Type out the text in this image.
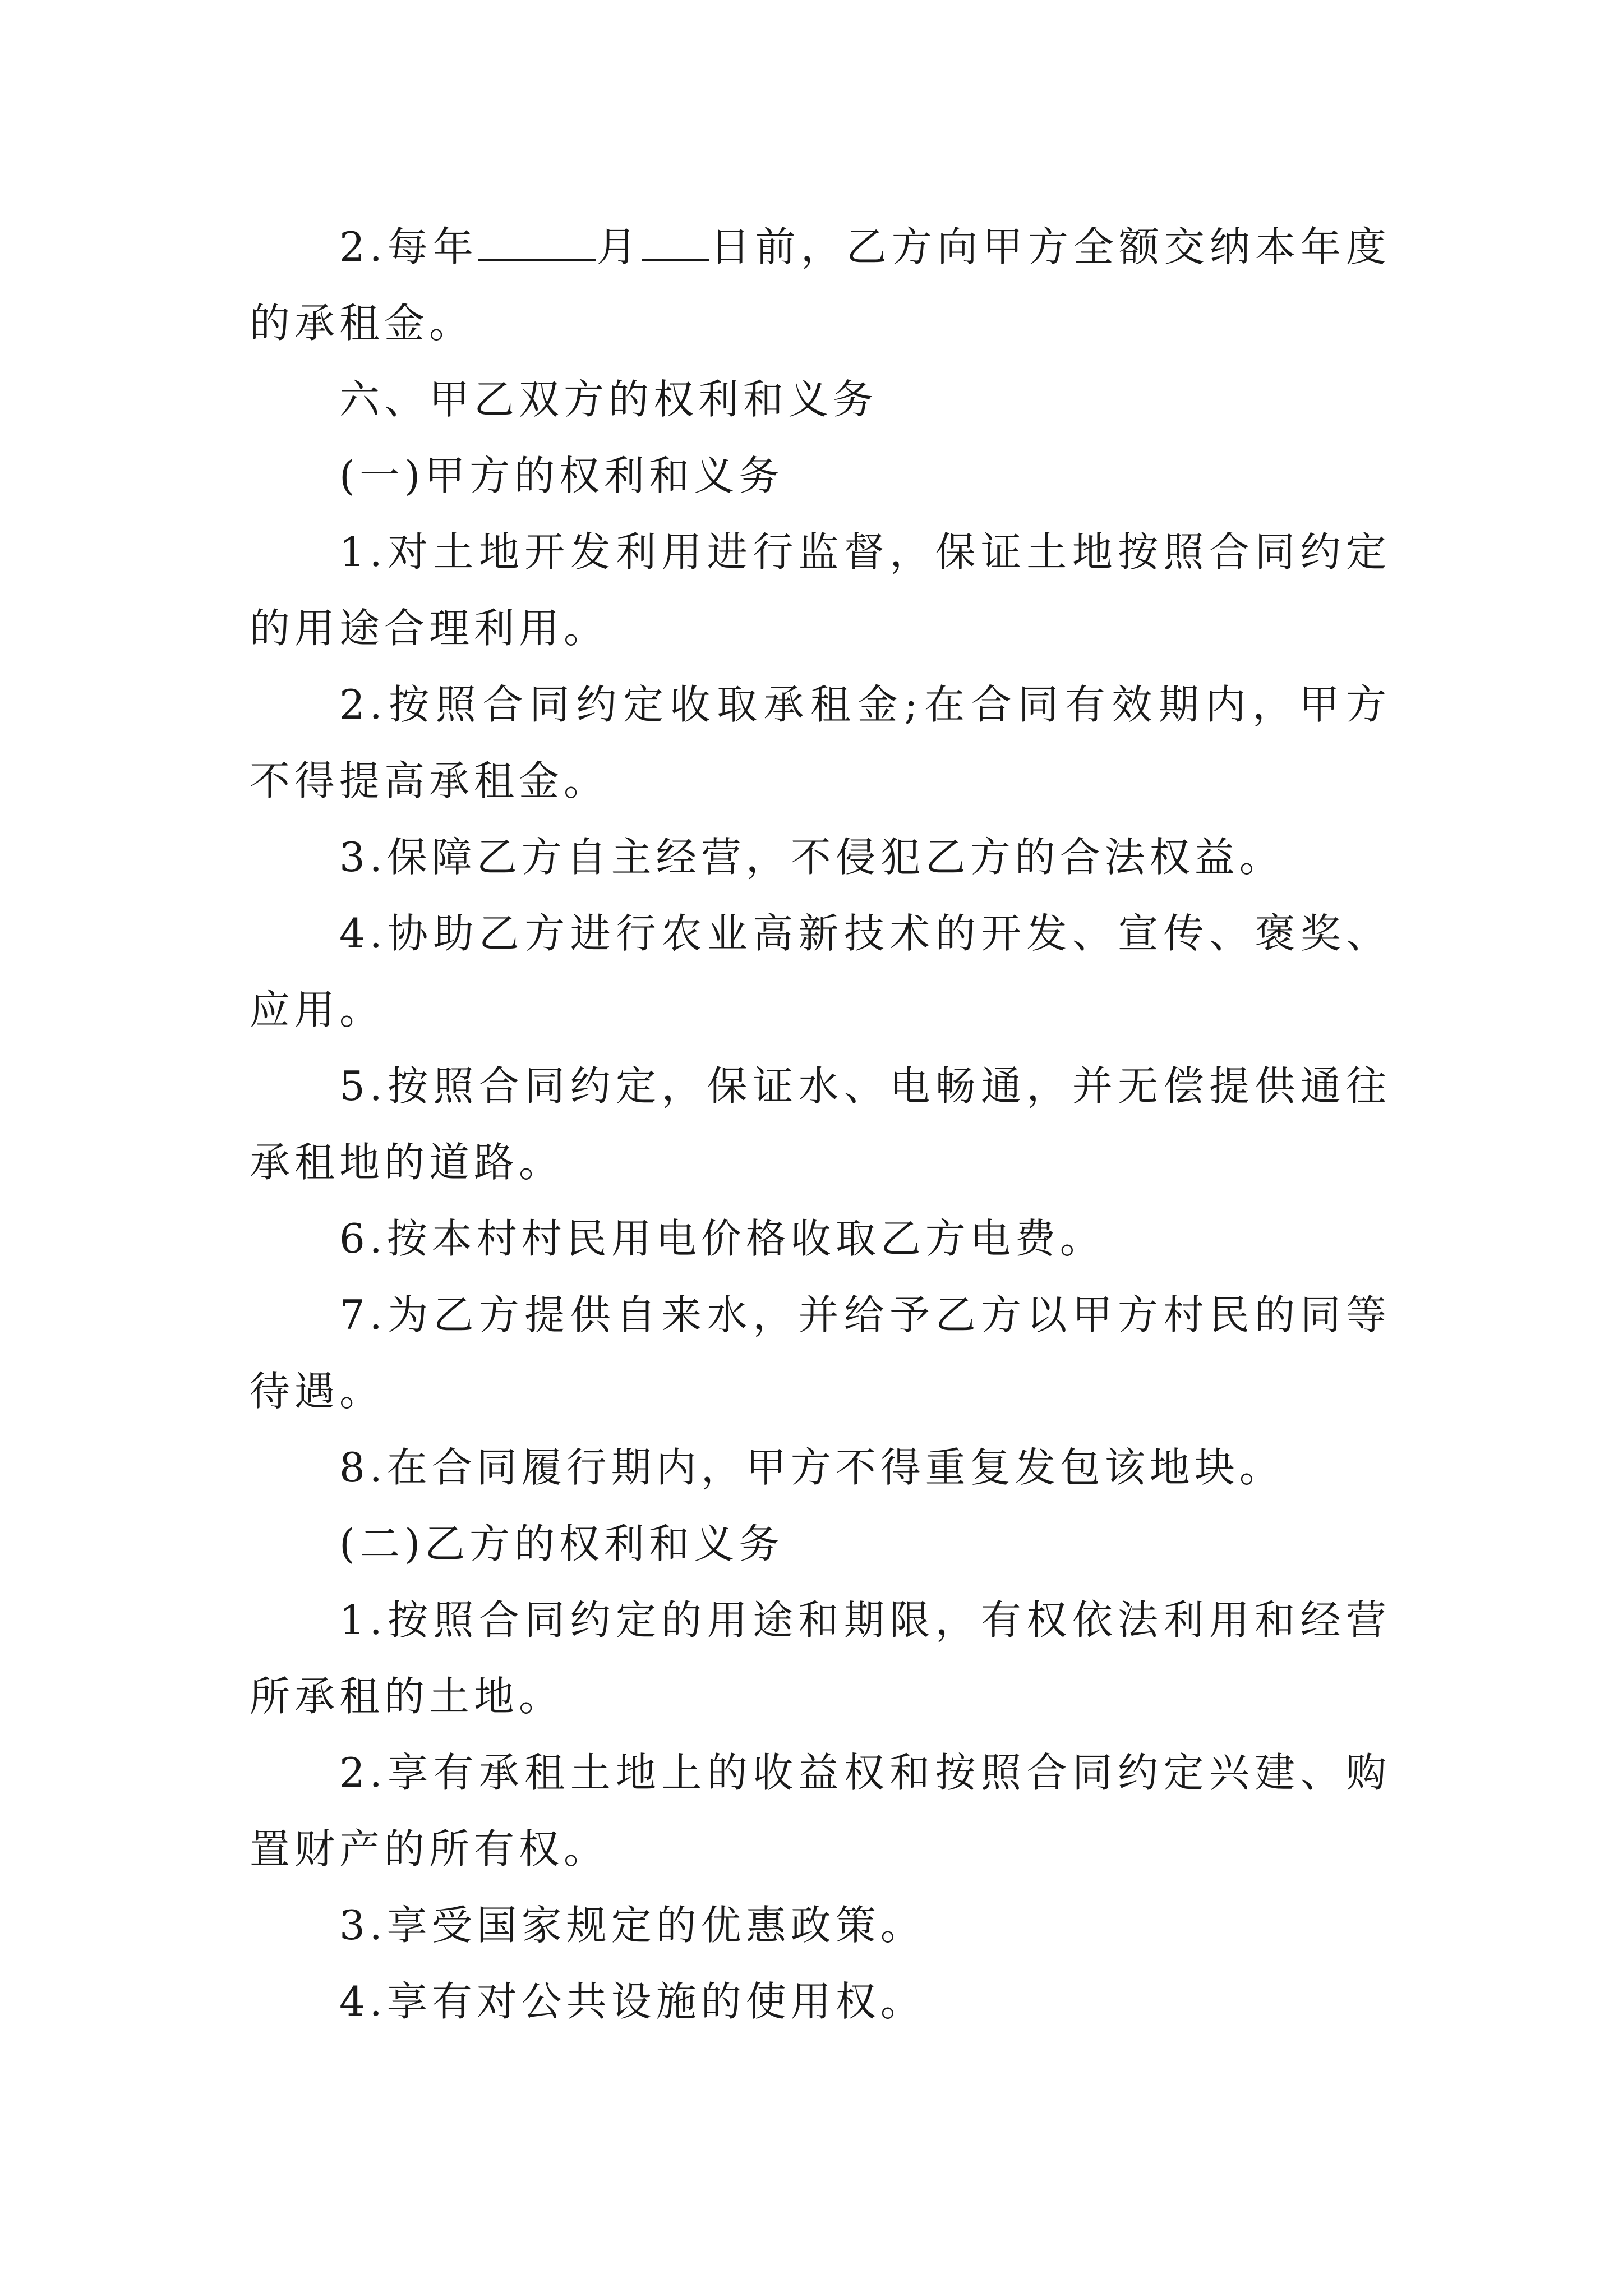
2.每年	月 日前，乙方向甲方全额交纳本年度的承租金。

六、甲乙双方的权利和义务

(一)甲方的权利和义务

1.对土地开发利用进行监督，保证土地按照合同约定的用途合理利用。

2.按照合同约定收取承租金;在合同有效期内，甲方不得提高承租金。

3.保障乙方自主经营，不侵犯乙方的合法权益。

4.协助乙方进行农业高新技术的开发、宣传、褒奖、应用。

5.按照合同约定，保证水、电畅通，并无偿提供通往承租地的道路。

6.按本村村民用电价格收取乙方电费。

7.为乙方提供自来水，并给予乙方以甲方村民的同等待遇。

8.在合同履行期内，甲方不得重复发包该地块。

(二)乙方的权利和义务

1.按照合同约定的用途和期限，有权依法利用和经营所承租的土地。

2.享有承租土地上的收益权和按照合同约定兴建、购置财产的所有权。

3.享受国家规定的优惠政策。

4.享有对公共设施的使用权。
